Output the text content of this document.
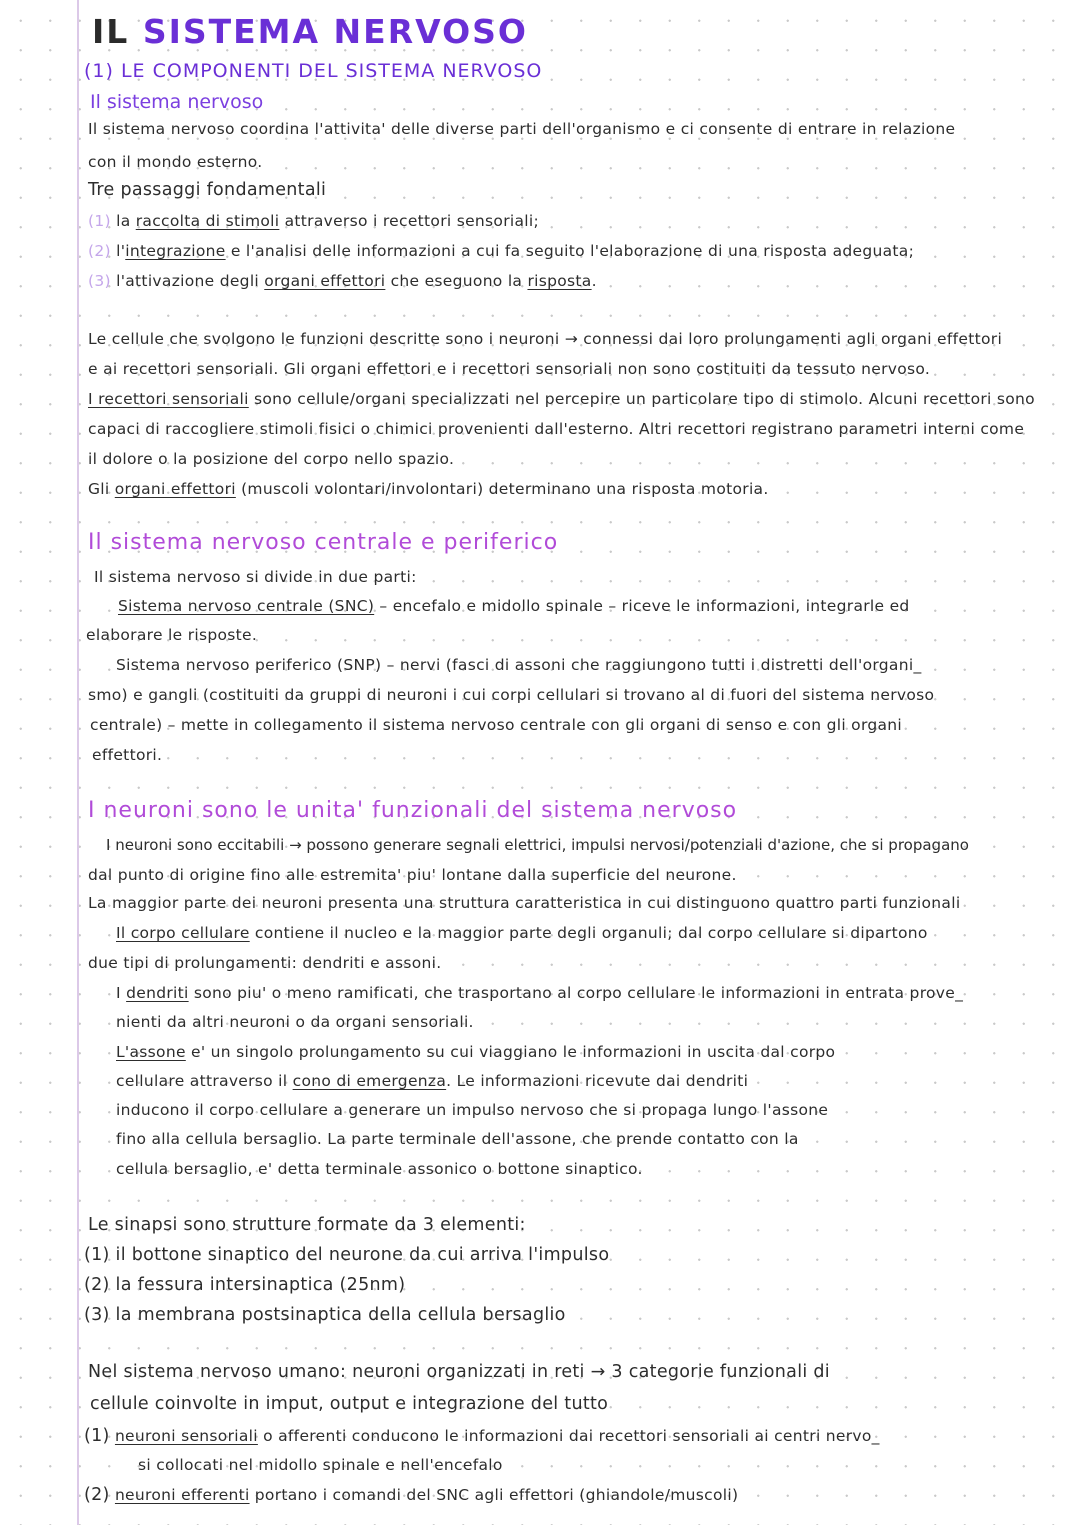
IL SISTEMA NERVOSO
(1) LE COMPONENTI DEL SISTEMA NERVOSO
Il sistema nervoso

Il sistema nervoso coordina l'attivita' delle diverse parti dell'organismo e ci consente di entrare in relazione

con il mondo esterno.

Tre passaggi fondamentali

(1) la raccolta di stimoli attraverso i recettori sensoriali;

(2) l'integrazione e l'analisi delle informazioni a cui fa seguito l'elaborazione di una risposta adeguata;

(3) l'attivazione degli organi effettori che eseguono la risposta.

Le cellule che svolgono le funzioni descritte sono i neuroni → connessi dai loro prolungamenti agli organi effettori

e ai recettori sensoriali. Gli organi effettori e i recettori sensoriali non sono costituiti da tessuto nervoso.

I recettori sensoriali sono cellule/organi specializzati nel percepire un particolare tipo di stimolo. Alcuni recettori sono

capaci di raccogliere stimoli fisici o chimici provenienti dall'esterno. Altri recettori registrano parametri interni come

il dolore o la posizione del corpo nello spazio.

Gli organi effettori (muscoli volontari/involontari) determinano una risposta motoria.

Il sistema nervoso centrale e periferico

Il sistema nervoso si divide in due parti:

Sistema nervoso centrale (SNC) – encefalo e midollo spinale – riceve le informazioni, integrarle ed

elaborare le risposte.

Sistema nervoso periferico (SNP) – nervi (fasci di assoni che raggiungono tutti i distretti dell'organi_

smo) e gangli (costituiti da gruppi di neuroni i cui corpi cellulari si trovano al di fuori del sistema nervoso

centrale) – mette in collegamento il sistema nervoso centrale con gli organi di senso e con gli organi

effettori.

I neuroni sono le unita' funzionali del sistema nervoso

I neuroni sono eccitabili → possono generare segnali elettrici, impulsi nervosi/potenziali d'azione, che si propagano

dal punto di origine fino alle estremita' piu' lontane dalla superficie del neurone.

La maggior parte dei neuroni presenta una struttura caratteristica in cui distinguono quattro parti funzionali

Il corpo cellulare contiene il nucleo e la maggior parte degli organuli; dal corpo cellulare si dipartono

due tipi di prolungamenti: dendriti e assoni.

I dendriti sono piu' o meno ramificati, che trasportano al corpo cellulare le informazioni in entrata prove_

nienti da altri neuroni o da organi sensoriali.

L'assone e' un singolo prolungamento su cui viaggiano le informazioni in uscita dal corpo

cellulare attraverso il cono di emergenza. Le informazioni ricevute dai dendriti

inducono il corpo cellulare a generare un impulso nervoso che si propaga lungo l'assone

fino alla cellula bersaglio. La parte terminale dell'assone, che prende contatto con la

cellula bersaglio, e' detta terminale assonico o bottone sinaptico.

Le sinapsi sono strutture formate da 3 elementi:

(1) il bottone sinaptico del neurone da cui arriva l'impulso

(2) la fessura intersinaptica (25nm)

(3) la membrana postsinaptica della cellula bersaglio

Nel sistema nervoso umano: neuroni organizzati in reti → 3 categorie funzionali di

cellule coinvolte in imput, output e integrazione del tutto

(1) neuroni sensoriali o afferenti conducono le informazioni dai recettori sensoriali ai centri nervo_

si collocati nel midollo spinale e nell'encefalo

(2) neuroni efferenti portano i comandi del SNC agli effettori (ghiandole/muscoli)
